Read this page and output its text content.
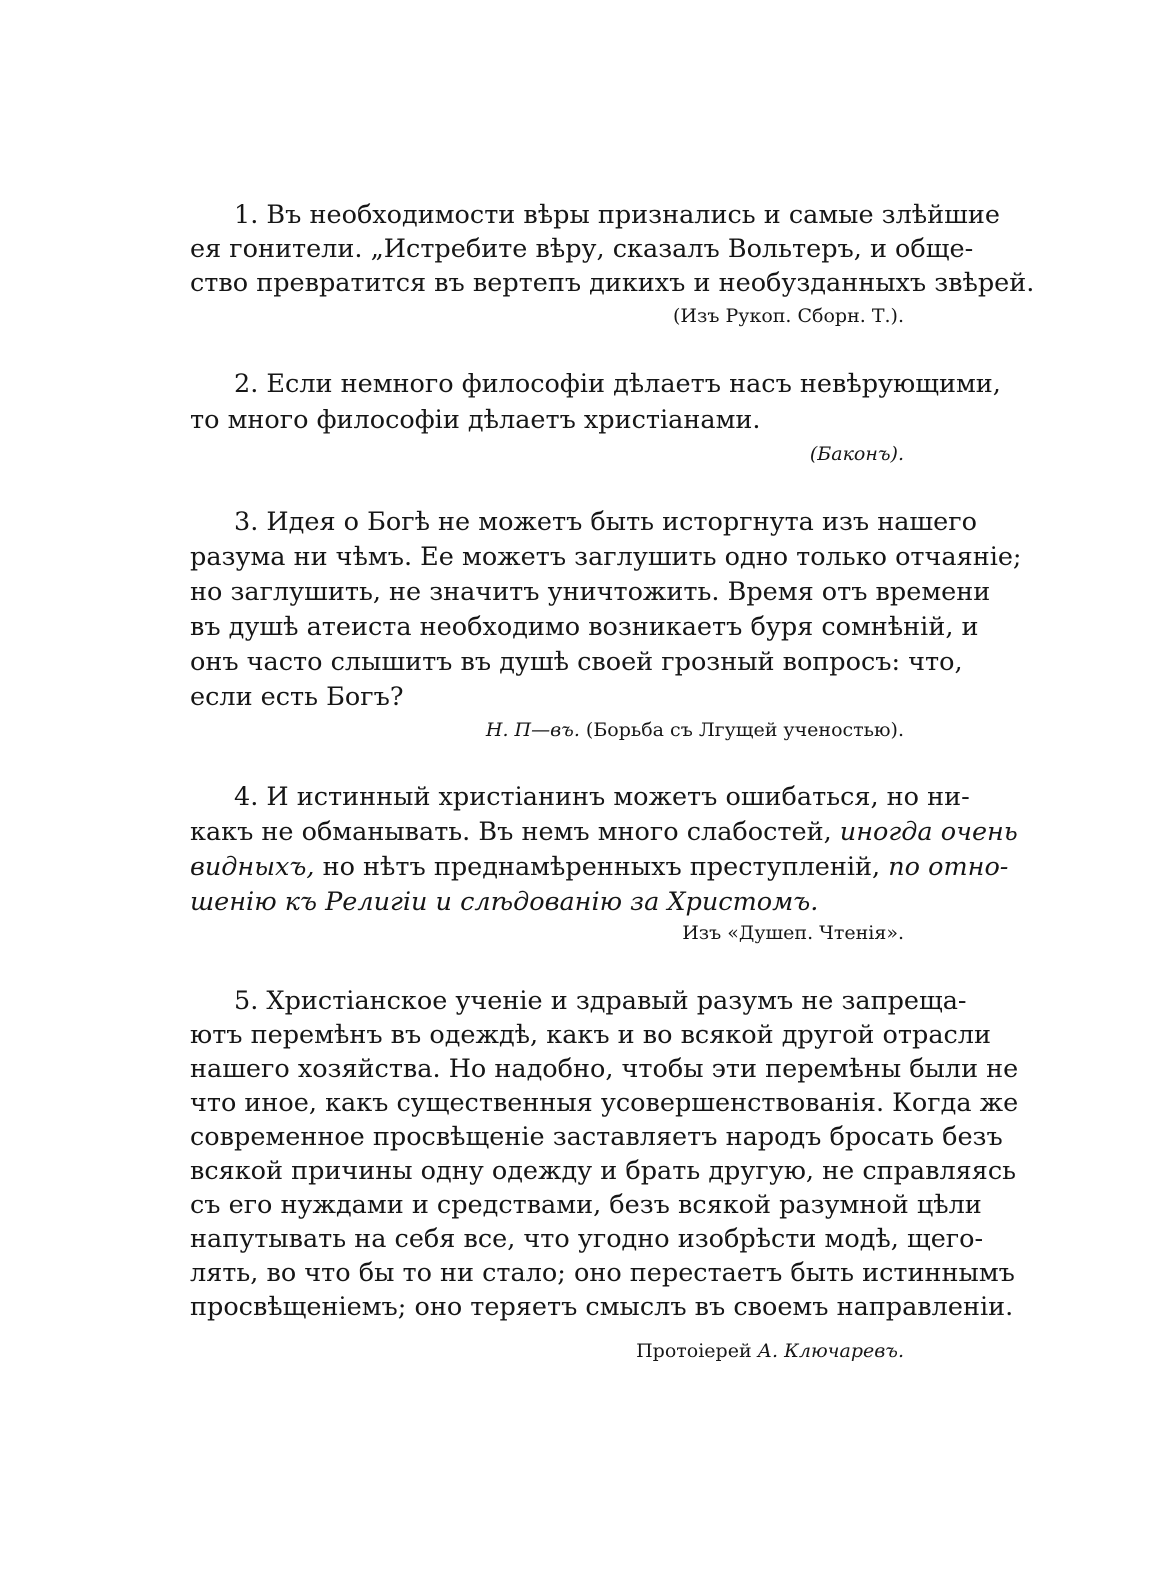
1. Въ необходимости вѣры признались и самые злѣйшие
ея гонители. „Истребите вѣру, сказалъ Вольтеръ, и обще-
ство превратится въ вертепъ дикихъ и необузданныхъ звѣрей.
(Изъ Рукоп. Сборн. Т.).
2. Если немного философіи дѣлаетъ насъ невѣрующими,
то много философіи дѣлаетъ христіанами.
(Баконъ).
3. Идея о Богѣ не можетъ быть исторгнута изъ нашего
разума ни чѣмъ. Ее можетъ заглушить одно только отчаяніе;
но заглушить, не значитъ уничтожить. Время отъ времени
въ душѣ атеиста необходимо возникаетъ буря сомнѣній, и
онъ часто слышитъ въ душѣ своей грозный вопросъ: что,
если есть Богъ?
Н. П—въ. (Борьба съ Лгущей ученостью).
4. И истинный христіанинъ можетъ ошибаться, но ни-
какъ не обманывать. Въ немъ много слабостей, иногда очень
видныхъ, но нѣтъ преднамѣренныхъ преступленій, по отно-
шенію къ Религіи и слѣдованію за Христомъ.
Изъ «Душеп. Чтенія».
5. Христіанское ученіе и здравый разумъ не запреща-
ютъ перемѣнъ въ одеждѣ, какъ и во всякой другой отрасли
нашего хозяйства. Но надобно, чтобы эти перемѣны были не
что иное, какъ существенныя усовершенствованія. Когда же
современное просвѣщеніе заставляетъ народъ бросать безъ
всякой причины одну одежду и брать другую, не справляясь
съ его нуждами и средствами, безъ всякой разумной цѣли
напутывать на себя все, что угодно изобрѣсти модѣ, щего-
лять, во что бы то ни стало; оно перестаетъ быть истиннымъ
просвѣщеніемъ; оно теряетъ смыслъ въ своемъ направленіи.
Протоіерей А. Ключаревъ.
